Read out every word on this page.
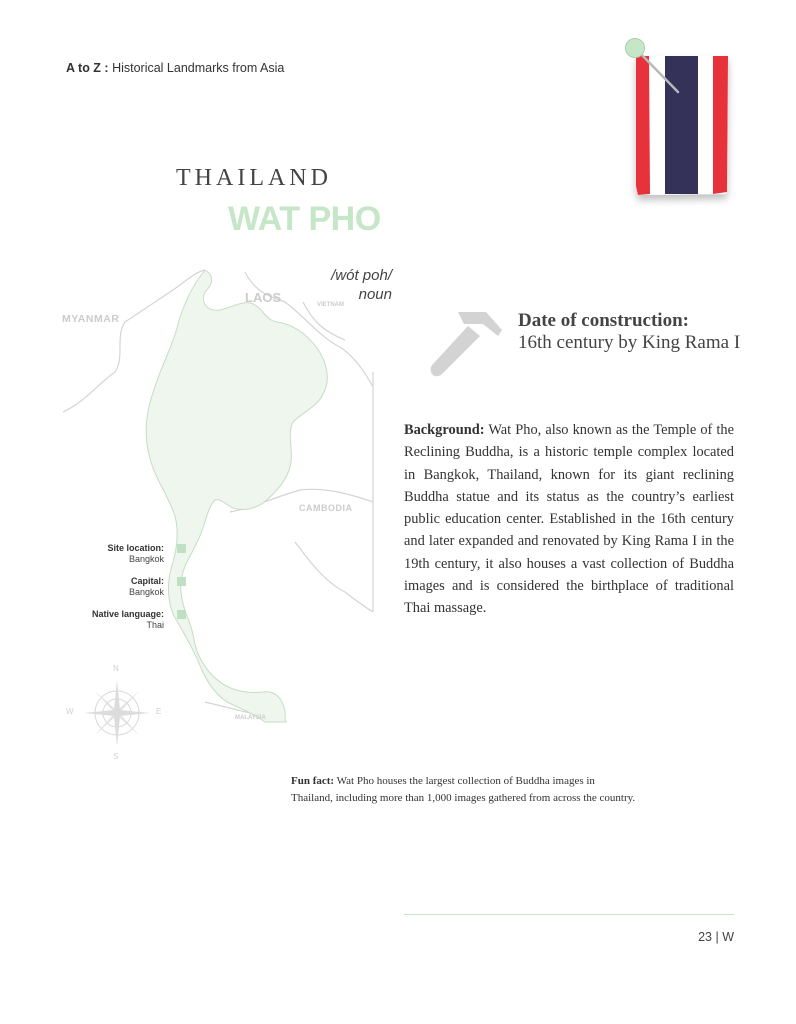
A to Z : Historical Landmarks from Asia
THAILAND
WAT PHO
/wót poh/
noun
LAOS
MYANMAR
VIETNAM
CAMBODIA
MALAYSIA
N
S
W	E
Site location:
Bangkok
Capital:
Bangkok
Native language:
Thai
Date of construction:
16th century by King Rama I
Background: Wat Pho, also known as the Temple of the Reclining Buddha, is a historic temple complex located in Bangkok, Thailand, known for its giant reclining Buddha statue and its status as the country’s earliest public education center. Established in the 16th century and later expanded and renovated by King Rama I in the 19th century, it also houses a vast collection of Buddha images and is considered the birthplace of traditional Thai massage.
Fun fact: Wat Pho houses the largest collection of Buddha images in Thailand, including more than 1,000 images gathered from across the country.
23 | W
